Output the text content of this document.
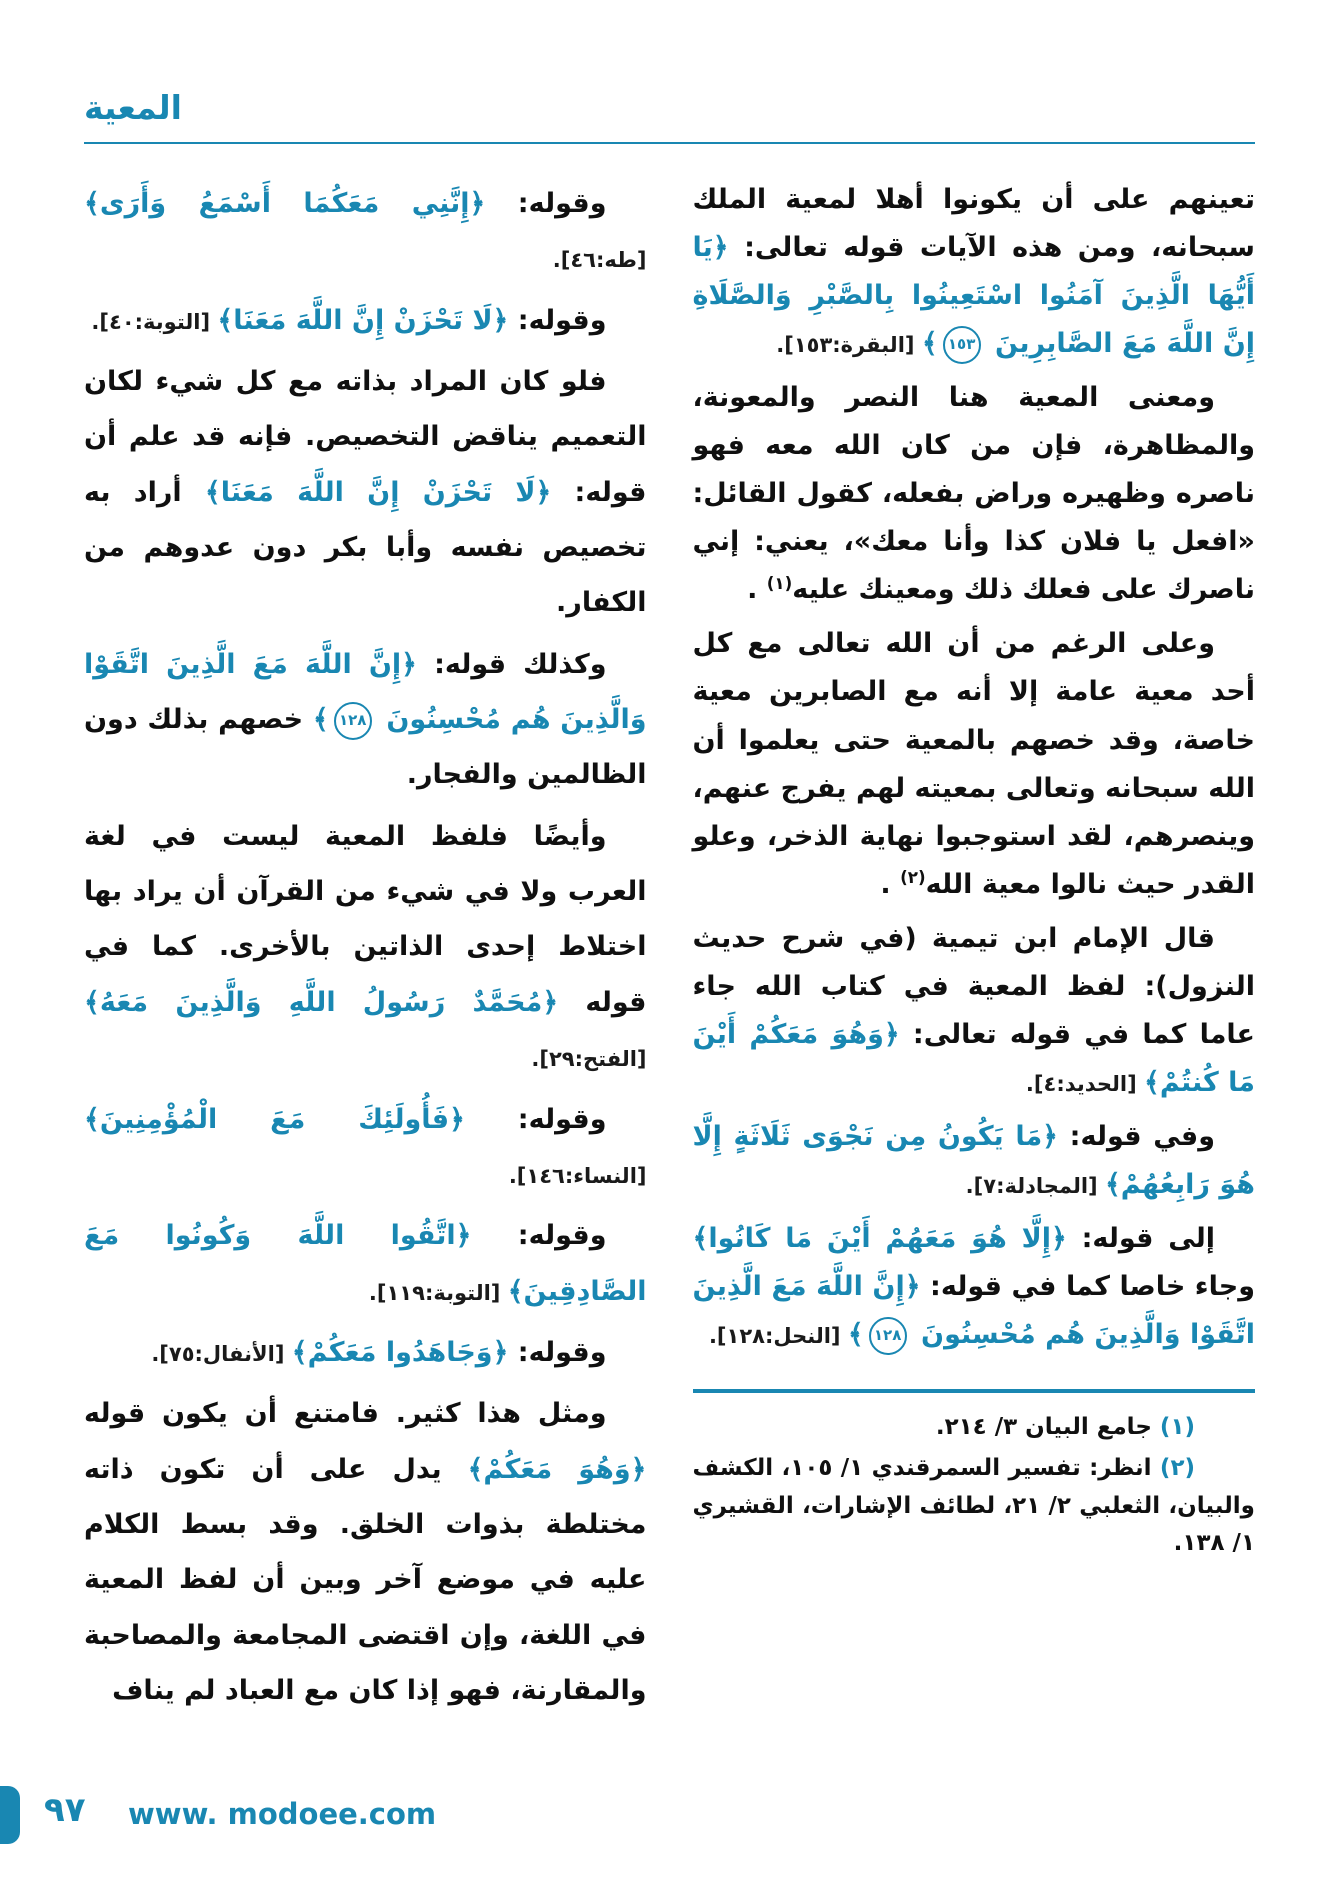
المعية

تعينهم على أن يكونوا أهلا لمعية الملك سبحانه، ومن هذه الآيات قوله تعالى: ﴿يَا أَيُّهَا الَّذِينَ آمَنُوا اسْتَعِينُوا بِالصَّبْرِ وَالصَّلَاةِ إِنَّ اللَّهَ مَعَ الصَّابِرِينَ ١٥٣﴾ [البقرة:١٥٣].

ومعنى المعية هنا النصر والمعونة، والمظاهرة، فإن من كان الله معه فهو ناصره وظهيره وراض بفعله، كقول القائل: «افعل يا فلان كذا وأنا معك»، يعني: إني ناصرك على فعلك ذلك ومعينك عليه$^{(١)}$ .

وعلى الرغم من أن الله تعالى مع كل أحد معية عامة إلا أنه مع الصابرين معية خاصة، وقد خصهم بالمعية حتى يعلموا أن الله سبحانه وتعالى بمعيته لهم يفرج عنهم، وينصرهم، لقد استوجبوا نهاية الذخر، وعلو القدر حيث نالوا معية الله$^{(٢)}$ .

قال الإمام ابن تيمية (في شرح حديث النزول): لفظ المعية في كتاب الله جاء عاما كما في قوله تعالى: ﴿وَهُوَ مَعَكُمْ أَيْنَ مَا كُنتُمْ﴾ [الحديد:٤].

وفي قوله: ﴿مَا يَكُونُ مِن نَجْوَى ثَلَاثَةٍ إِلَّا هُوَ رَابِعُهُمْ﴾ [المجادلة:٧].

إلى قوله: ﴿إِلَّا هُوَ مَعَهُمْ أَيْنَ مَا كَانُوا﴾ وجاء خاصا كما في قوله: ﴿إِنَّ اللَّهَ مَعَ الَّذِينَ اتَّقَوْا وَالَّذِينَ هُم مُحْسِنُونَ ١٢٨﴾ [النحل:١٢٨].

(١) جامع البيان ٣/ ٢١٤.

(٢) انظر: تفسير السمرقندي ١/ ١٠٥، الكشف والبيان، الثعلبي ٢/ ٢١، لطائف الإشارات، القشيري ١/ ١٣٨.

وقوله: ﴿إِنَّنِي مَعَكُمَا أَسْمَعُ وَأَرَى﴾ [طه:٤٦].

وقوله: ﴿لَا تَحْزَنْ إِنَّ اللَّهَ مَعَنَا﴾ [التوبة:٤٠].

فلو كان المراد بذاته مع كل شيء لكان التعميم يناقض التخصيص. فإنه قد علم أن قوله: ﴿لَا تَحْزَنْ إِنَّ اللَّهَ مَعَنَا﴾ أراد به تخصيص نفسه وأبا بكر دون عدوهم من الكفار.

وكذلك قوله: ﴿إِنَّ اللَّهَ مَعَ الَّذِينَ اتَّقَوْا وَالَّذِينَ هُم مُحْسِنُونَ ١٢٨﴾ خصهم بذلك دون الظالمين والفجار.

وأيضًا فلفظ المعية ليست في لغة العرب ولا في شيء من القرآن أن يراد بها اختلاط إحدى الذاتين بالأخرى. كما في قوله ﴿مُحَمَّدٌ رَسُولُ اللَّهِ وَالَّذِينَ مَعَهُ﴾ [الفتح:٢٩].

وقوله: ﴿فَأُولَئِكَ مَعَ الْمُؤْمِنِينَ﴾ [النساء:١٤٦].

وقوله: ﴿اتَّقُوا اللَّهَ وَكُونُوا مَعَ الصَّادِقِينَ﴾ [التوبة:١١٩].

وقوله: ﴿وَجَاهَدُوا مَعَكُمْ﴾ [الأنفال:٧٥].

ومثل هذا كثير. فامتنع أن يكون قوله ﴿وَهُوَ مَعَكُمْ﴾ يدل على أن تكون ذاته مختلطة بذوات الخلق. وقد بسط الكلام عليه في موضع آخر وبين أن لفظ المعية في اللغة، وإن اقتضى المجامعة والمصاحبة والمقارنة، فهو إذا كان مع العباد لم يناف

٩٧ www. modoee.com
